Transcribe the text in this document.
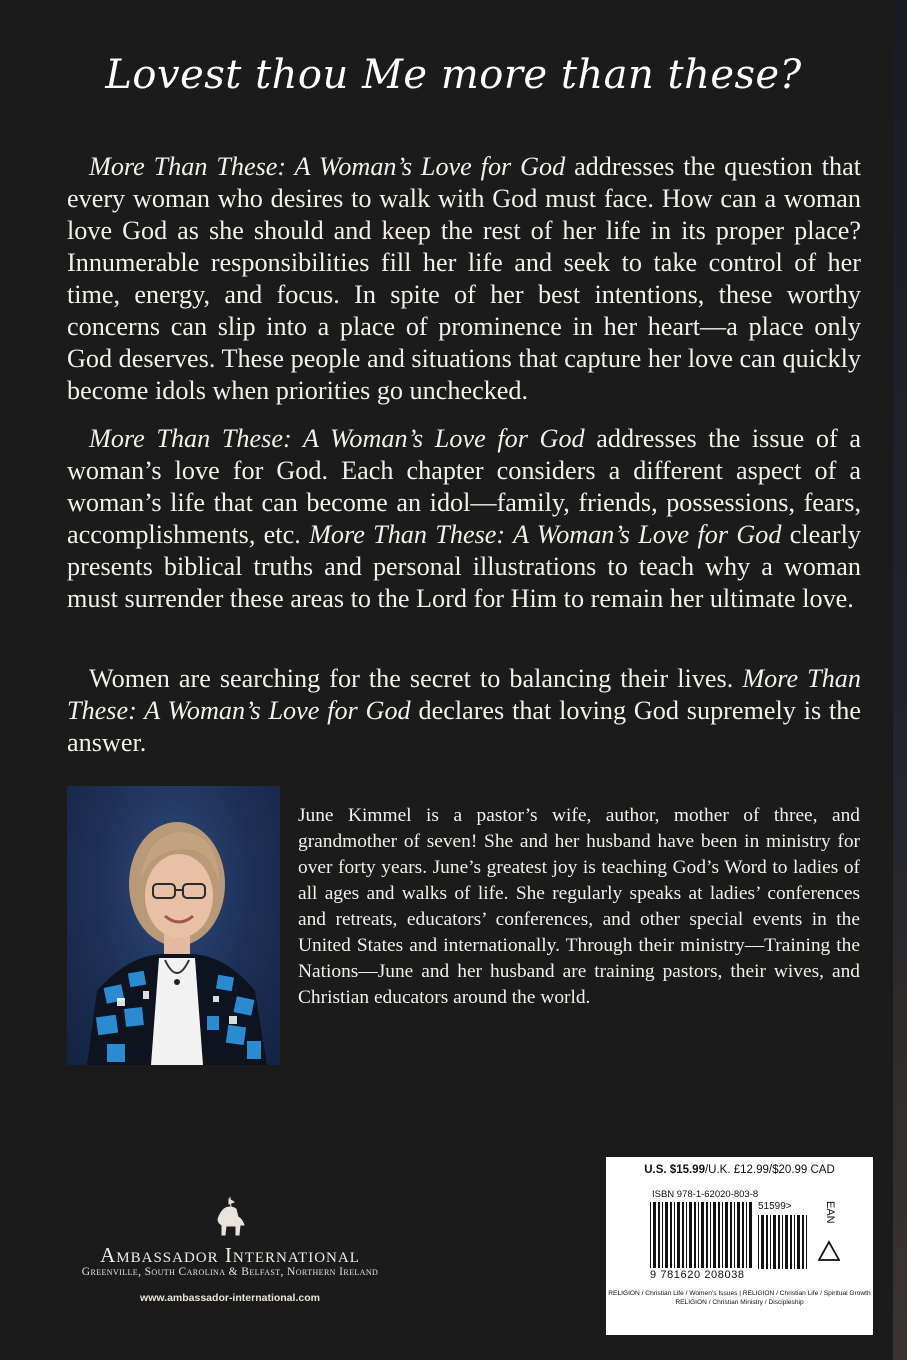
Lovest thou Me more than these?

More Than These: A Woman’s Love for God addresses the question that every woman who desires to walk with God must face. How can a woman love God as she should and keep the rest of her life in its proper place? Innumerable responsibilities fill her life and seek to take control of her time, energy, and focus. In spite of her best intentions, these worthy concerns can slip into a place of prominence in her heart—a place only God deserves. These people and situations that capture her love can quickly become idols when priorities go unchecked.

More Than These: A Woman’s Love for God addresses the issue of a woman’s love for God. Each chapter considers a different aspect of a woman’s life that can become an idol—family, friends, possessions, fears, accomplishments, etc. More Than These: A Woman’s Love for God clearly presents biblical truths and personal illustrations to teach why a woman must surrender these areas to the Lord for Him to remain her ultimate love.

Women are searching for the secret to balancing their lives. More Than These: A Woman’s Love for God declares that loving God supremely is the answer.

June Kimmel is a pastor’s wife, author, mother of three, and grandmother of seven! She and her husband have been in ministry for over forty years. June’s greatest joy is teaching God’s Word to ladies of all ages and walks of life. She regularly speaks at ladies’ conferences and retreats, educators’ conferences, and other special events in the United States and internationally. Through their ministry—Training the Nations—June and her husband are training pastors, their wives, and Christian educators around the world.

Ambassador International
Greenville, South Carolina & Belfast, Northern Ireland
www.ambassador-international.com
U.S. $15.99/U.K. £12.99/$20.99 CAD
ISBN 978-1-62020-803-8
9 781620 208038
51599>	EAN
RELIGION / Christian Life / Women’s Issues | RELIGION / Christian Life / Spiritual Growth
RELIGION / Christian Ministry / Discipleship
